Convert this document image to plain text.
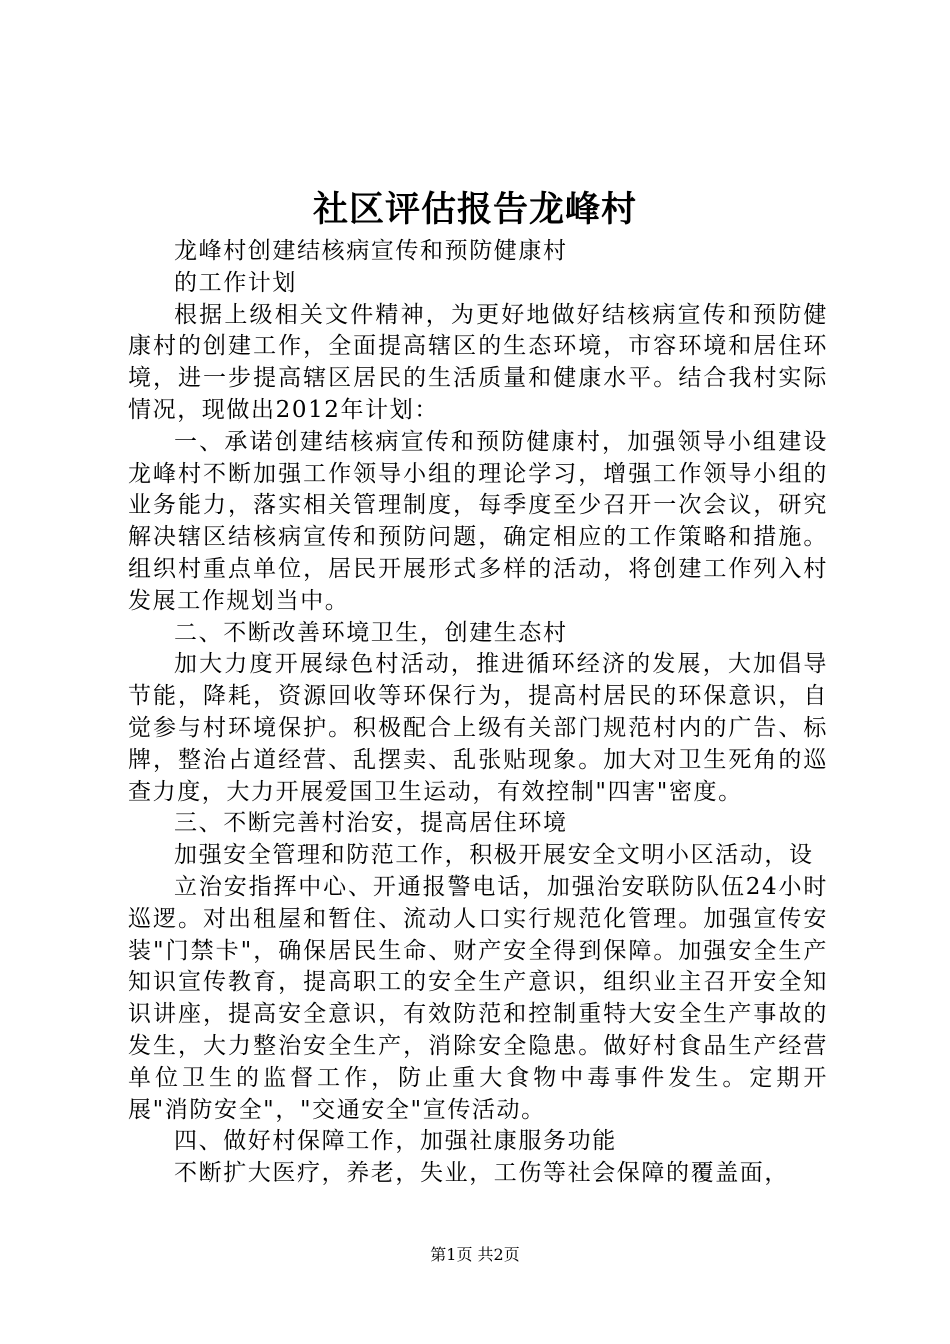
社区评估报告龙峰村

龙峰村创建结核病宣传和预防健康村

的工作计划

根据上级相关文件精神，为更好地做好结核病宣传和预防健康村的创建工作，全面提高辖区的生态环境，市容环境和居住环境，进一步提高辖区居民的生活质量和健康水平。结合我村实际情况，现做出2012年计划：

一、承诺创建结核病宣传和预防健康村，加强领导小组建设龙峰村不断加强工作领导小组的理论学习，增强工作领导小组的业务能力，落实相关管理制度，每季度至少召开一次会议，研究解决辖区结核病宣传和预防问题，确定相应的工作策略和措施。组织村重点单位，居民开展形式多样的活动，将创建工作列入村发展工作规划当中。

二、不断改善环境卫生，创建生态村

加大力度开展绿色村活动，推进循环经济的发展，大加倡导节能，降耗，资源回收等环保行为，提高村居民的环保意识，自觉参与村环境保护。积极配合上级有关部门规范村内的广告、标牌，整治占道经营、乱摆卖、乱张贴现象。加大对卫生死角的巡查力度，大力开展爱国卫生运动，有效控制"四害"密度。

三、不断完善村治安，提高居住环境

加强安全管理和防范工作，积极开展安全文明小区活动，设

立治安指挥中心、开通报警电话，加强治安联防队伍24小时巡逻。对出租屋和暂住、流动人口实行规范化管理。加强宣传安装"门禁卡"，确保居民生命、财产安全得到保障。加强安全生产知识宣传教育，提高职工的安全生产意识，组织业主召开安全知识讲座，提高安全意识，有效防范和控制重特大安全生产事故的发生，大力整治安全生产，消除安全隐患。做好村食品生产经营单位卫生的监督工作，防止重大食物中毒事件发生。定期开展"消防安全"，"交通安全"宣传活动。

四、做好村保障工作，加强社康服务功能

不断扩大医疗，养老，失业，工伤等社会保障的覆盖面，

第1页 共2页
